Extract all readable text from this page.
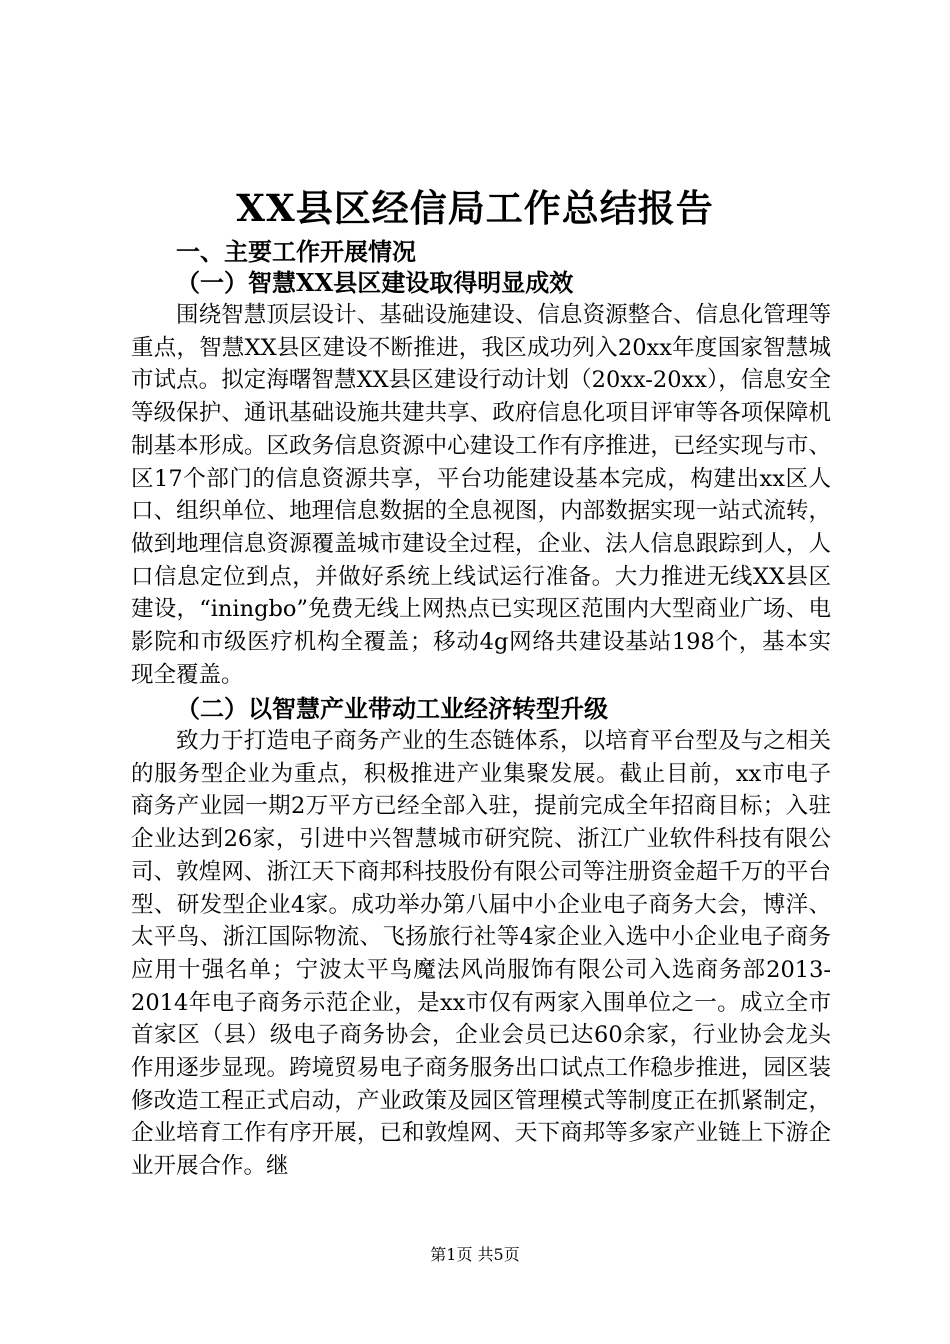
XX县区经信局工作总结报告
一、主要工作开展情况
（一）智慧XX县区建设取得明显成效
围绕智慧顶层设计、基础设施建设、信息资源整合、信息化管理等重点，智慧XX县区建设不断推进，我区成功列入20xx年度国家智慧城市试点。拟定海曙智慧XX县区建设行动计划（20xx-20xx），信息安全等级保护、通讯基础设施共建共享、政府信息化项目评审等各项保障机制基本形成。区政务信息资源中心建设工作有序推进，已经实现与市、区17个部门的信息资源共享，平台功能建设基本完成，构建出xx区人口、组织单位、地理信息数据的全息视图，内部数据实现一站式流转，做到地理信息资源覆盖城市建设全过程，企业、法人信息跟踪到人，人口信息定位到点，并做好系统上线试运行准备。大力推进无线XX县区建设，“iningbo”免费无线上网热点已实现区范围内大型商业广场、电影院和市级医疗机构全覆盖；移动4g网络共建设基站198个，基本实现全覆盖。
（二）以智慧产业带动工业经济转型升级
致力于打造电子商务产业的生态链体系，以培育平台型及与之相关的服务型企业为重点，积极推进产业集聚发展。截止目前，xx市电子商务产业园一期2万平方已经全部入驻，提前完成全年招商目标；入驻企业达到26家，引进中兴智慧城市研究院、浙江广业软件科技有限公司、敦煌网、浙江天下商邦科技股份有限公司等注册资金超千万的平台型、研发型企业4家。成功举办第八届中小企业电子商务大会，博洋、太平鸟、浙江国际物流、飞扬旅行社等4家企业入选中小企业电子商务应用十强名单；宁波太平鸟魔法风尚服饰有限公司入选商务部2013-2014年电子商务示范企业，是xx市仅有两家入围单位之一。成立全市首家区（县）级电子商务协会，企业会员已达60余家，行业协会龙头作用逐步显现。跨境贸易电子商务服务出口试点工作稳步推进，园区装修改造工程正式启动，产业政策及园区管理模式等制度正在抓紧制定，企业培育工作有序开展，已和敦煌网、天下商邦等多家产业链上下游企业开展合作。继
第1页 共5页
